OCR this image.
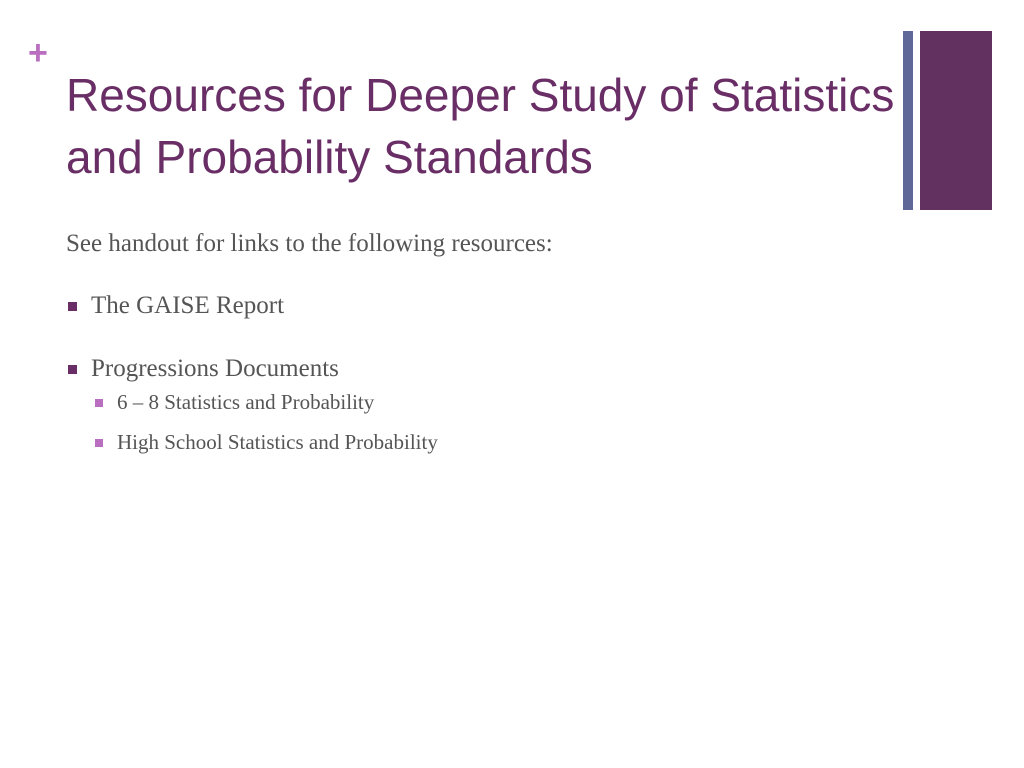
+
Resources for Deeper Study of Statistics and Probability Standards

See handout for links to the following resources:

The GAISE Report
Progressions Documents
6 – 8 Statistics and Probability
High School Statistics and Probability
